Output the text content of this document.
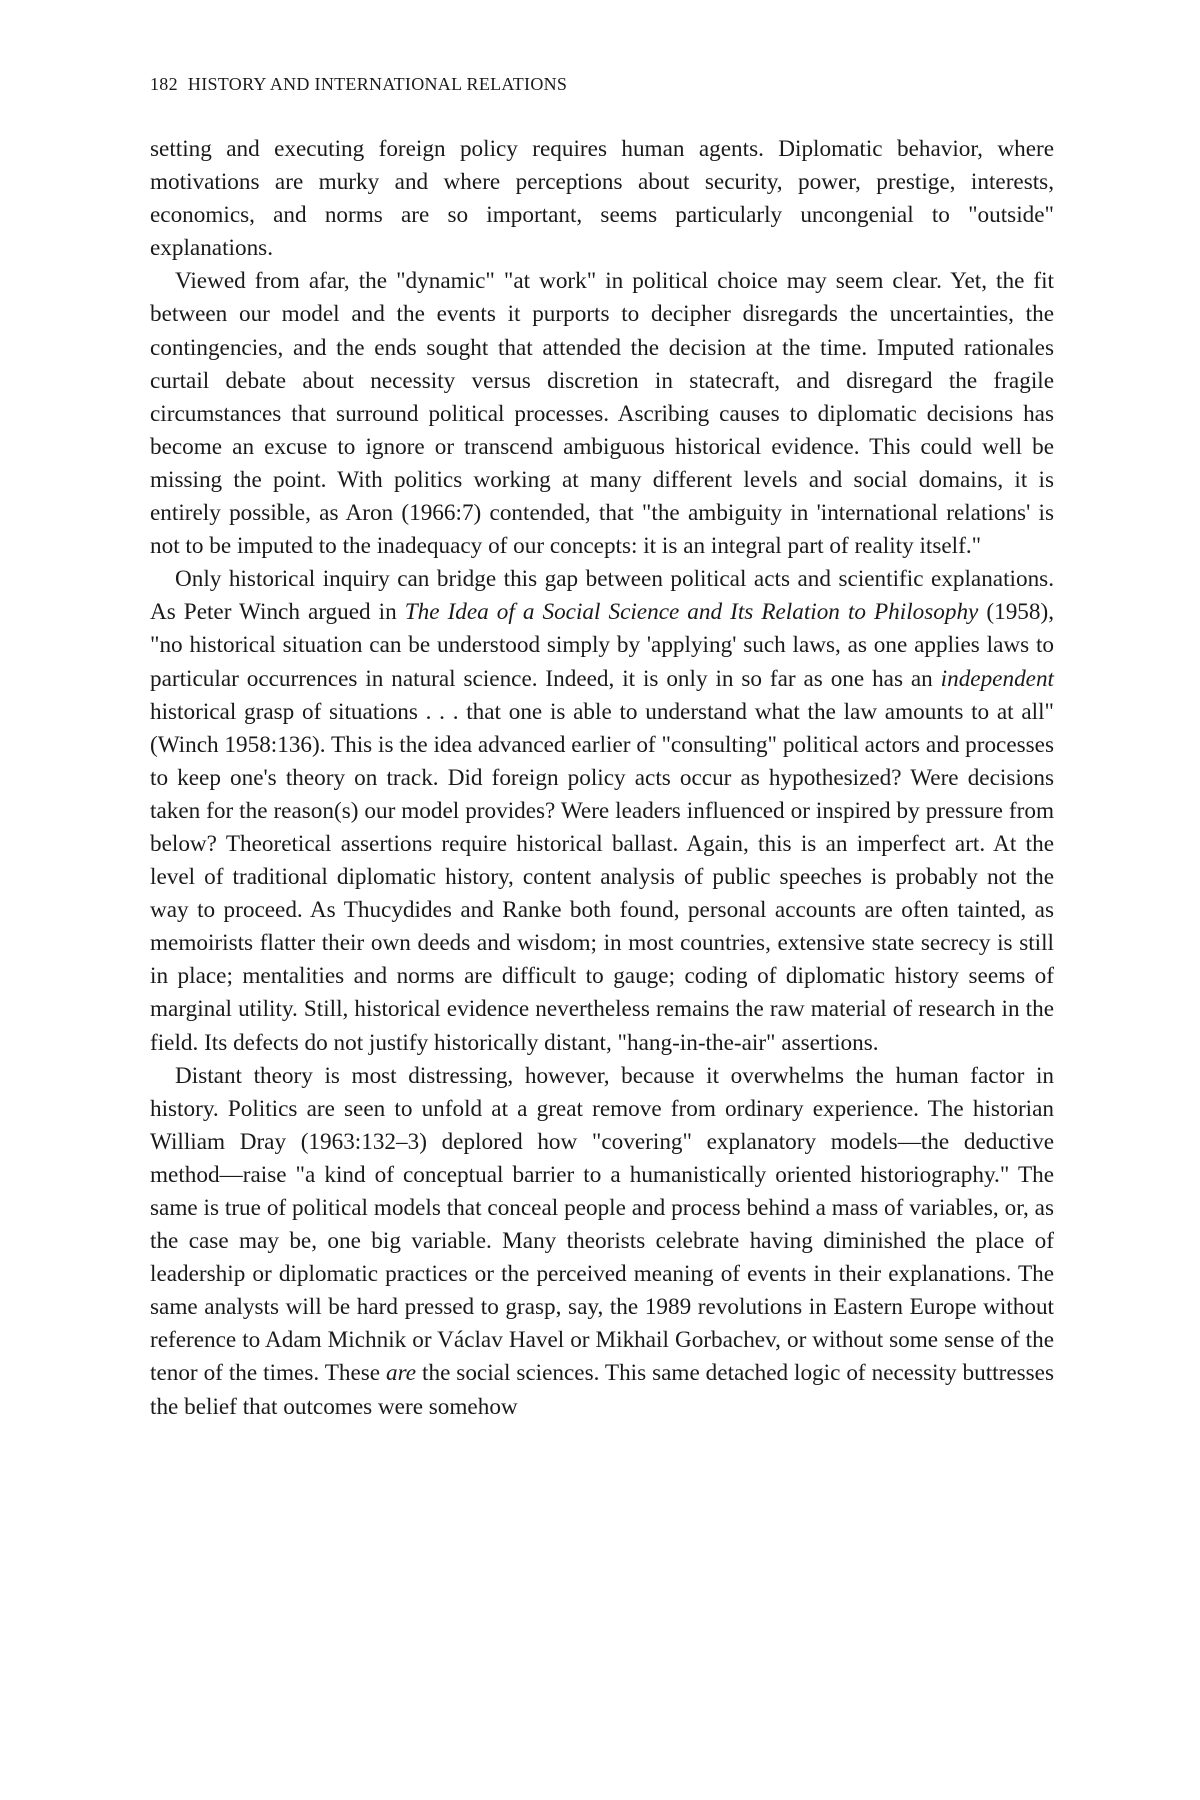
182 HISTORY AND INTERNATIONAL RELATIONS

setting and executing foreign policy requires human agents. Diplomatic behavior, where motivations are murky and where perceptions about security, power, prestige, interests, economics, and norms are so important, seems particularly uncongenial to "outside" explanations.

Viewed from afar, the "dynamic" "at work" in political choice may seem clear. Yet, the fit between our model and the events it purports to decipher disregards the uncertainties, the contingencies, and the ends sought that attended the decision at the time. Imputed rationales curtail debate about necessity versus discretion in statecraft, and disregard the fragile circumstances that surround political processes. Ascribing causes to diplomatic decisions has become an excuse to ignore or transcend ambiguous historical evidence. This could well be missing the point. With politics working at many different levels and social domains, it is entirely possible, as Aron (1966:7) contended, that "the ambiguity in 'international relations' is not to be imputed to the inadequacy of our concepts: it is an integral part of reality itself."

Only historical inquiry can bridge this gap between political acts and scientific explanations. As Peter Winch argued in The Idea of a Social Science and Its Relation to Philosophy (1958), "no historical situation can be understood simply by 'applying' such laws, as one applies laws to particular occurrences in natural science. Indeed, it is only in so far as one has an independent historical grasp of situations . . . that one is able to understand what the law amounts to at all" (Winch 1958:136). This is the idea advanced earlier of "consulting" political actors and processes to keep one's theory on track. Did foreign policy acts occur as hypothesized? Were decisions taken for the reason(s) our model provides? Were leaders influenced or inspired by pressure from below? Theoretical assertions require historical ballast. Again, this is an imperfect art. At the level of traditional diplomatic history, content analysis of public speeches is probably not the way to proceed. As Thucydides and Ranke both found, personal accounts are often tainted, as memoirists flatter their own deeds and wisdom; in most countries, extensive state secrecy is still in place; mentalities and norms are difficult to gauge; coding of diplomatic history seems of marginal utility. Still, historical evidence nevertheless remains the raw material of research in the field. Its defects do not justify historically distant, "hang-in-the-air" assertions.

Distant theory is most distressing, however, because it overwhelms the human factor in history. Politics are seen to unfold at a great remove from ordinary experience. The historian William Dray (1963:132–3) deplored how "covering" explanatory models—the deductive method—raise "a kind of conceptual barrier to a humanistically oriented historiography." The same is true of political models that conceal people and process behind a mass of variables, or, as the case may be, one big variable. Many theorists celebrate having diminished the place of leadership or diplomatic practices or the perceived meaning of events in their explanations. The same analysts will be hard pressed to grasp, say, the 1989 revolutions in Eastern Europe without reference to Adam Michnik or Václav Havel or Mikhail Gorbachev, or without some sense of the tenor of the times. These are the social sciences. This same detached logic of necessity buttresses the belief that outcomes were somehow
